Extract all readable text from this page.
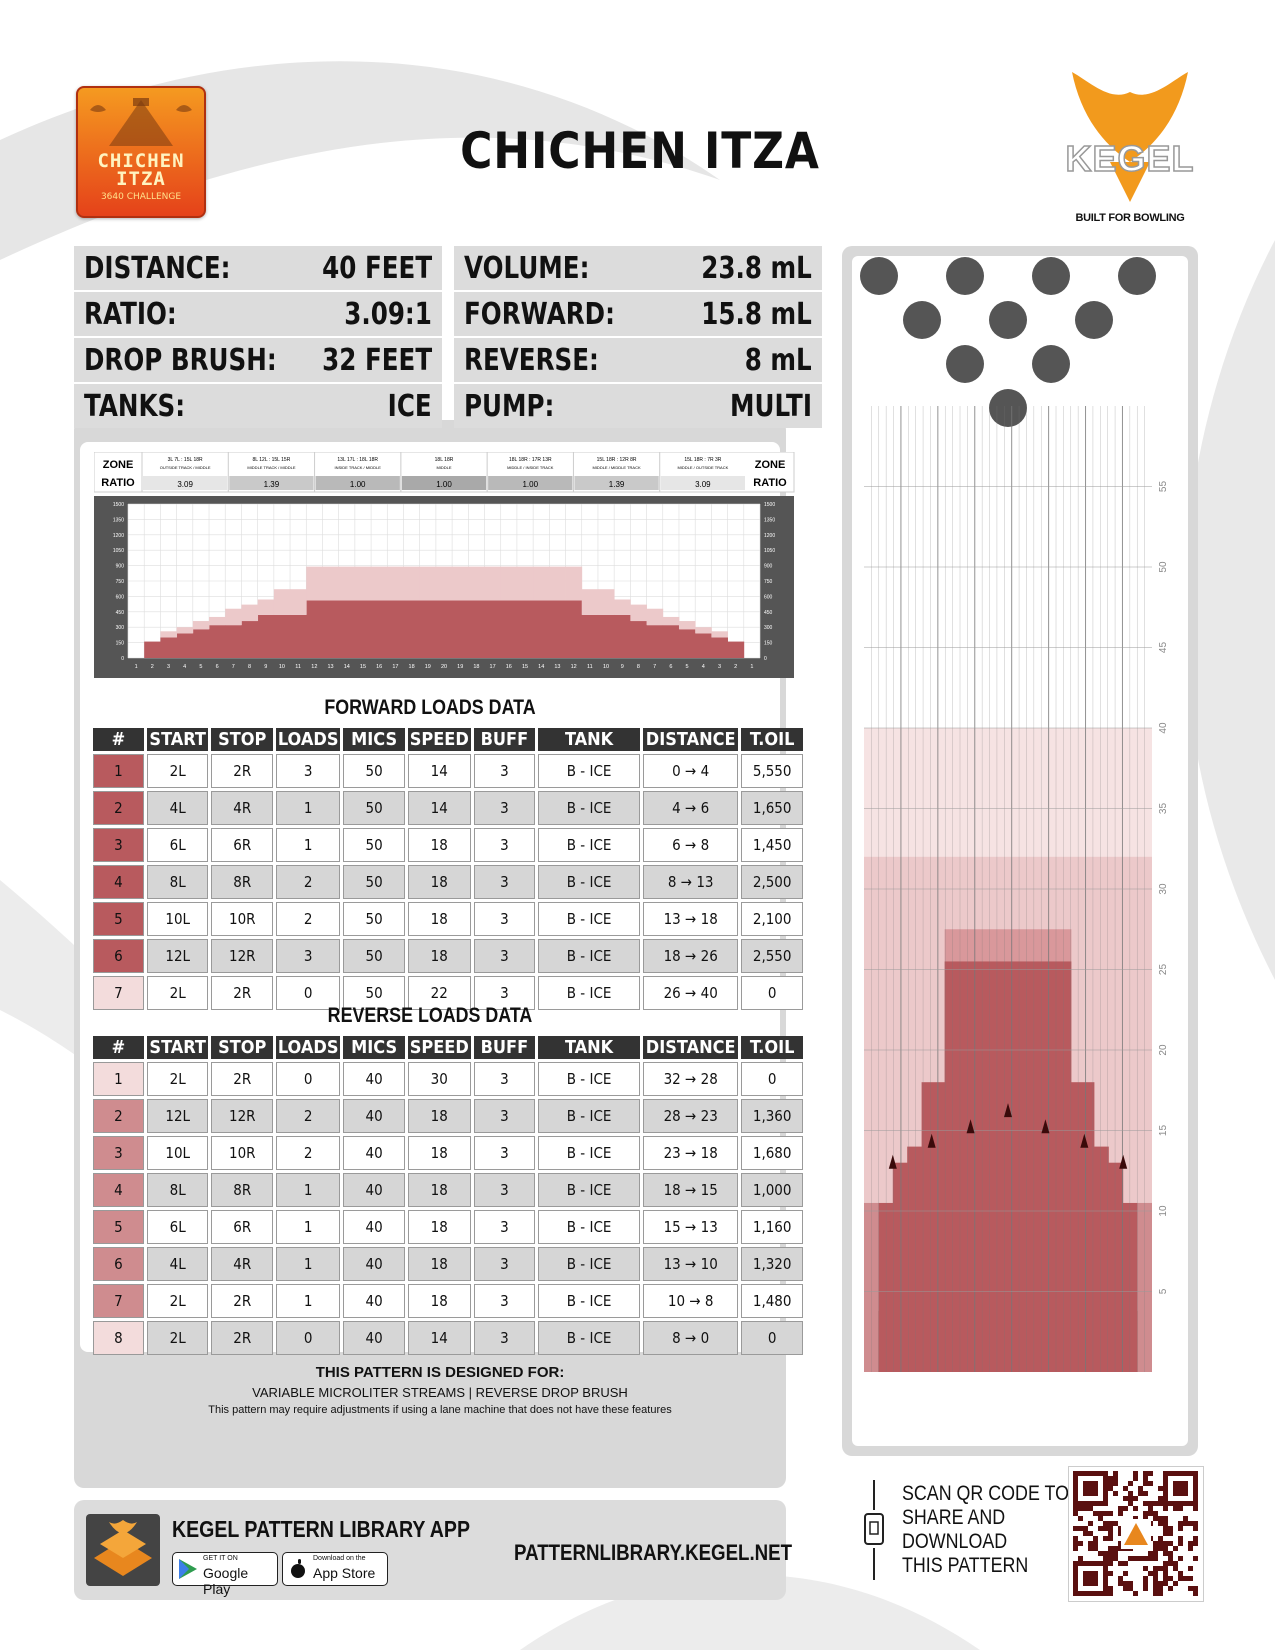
CHICHEN
ITZA
3640 CHALLENGE
CHICHEN ITZA	KEGEL
BUILT FOR BOWLING
DISTANCE:	40 FEET
RATIO:	3.09:1
DROP BRUSH: 32 FEET
TANKS:	ICE
VOLUME:	23.8 mL
FORWARD:	15.8 mL
REVERSE:	8 mL
PUMP:	MULTI
ZONE
RATIO
ZONE
RATIO
3L 7L : 15L 18R
OUTSIDE TRACK / MIDDLE
3.09
8L 12L : 15L 15R
MIDDLE TRACK / MIDDLE
1.39
13L 17L : 18L 18R
INSIDE TRACK / MIDDLE
1.00
18L 18R
MIDDLE
1.00
18L 18R : 17R 13R
MIDDLE / INSIDE TRACK
1.00
15L 18R : 12R 8R
MIDDLE / MIDDLE TRACK
1.39
15L 18R : 7R 3R
MIDDLE / OUTSIDE TRACK
3.09
1500	1500
1350	1350
1200	1200
1050	1050
900	900
750	750
600	600
450	450
300	300
150	150
0	0
1 2 3 4 5 6 7 8 9 10 11 12 13 14 15 16 17 18 19 20 19 18 17 16 15 14 13 12 11 10 9 8 7 6 5 4 3 2 1
FORWARD LOADS DATA
#	START	STOP	LOADS	MICS	SPEED	BUFF	TANK	DISTANCE	T.OIL
1	2L	2R	3	50	14	3	B - ICE	0 → 4	5,550
2	4L	4R	1	50	14	3	B - ICE	4 → 6	1,650
3	6L	6R	1	50	18	3	B - ICE	6 → 8	1,450
4	8L	8R	2	50	18	3	B - ICE	8 → 13	2,500
5	10L	10R	2	50	18	3	B - ICE	13 → 18	2,100
6	12L	12R	3	50	18	3	B - ICE	18 → 26	2,550
7	2L	2R	0	50	22	3	B - ICE	26 → 40	0
REVERSE LOADS DATA
#	START	STOP	LOADS	MICS	SPEED	BUFF	TANK	DISTANCE	T.OIL
1	2L	2R	0	40	30	3	B - ICE	32 → 28	0
2	12L	12R	2	40	18	3	B - ICE	28 → 23	1,360
3	10L	10R	2	40	18	3	B - ICE	23 → 18	1,680
4	8L	8R	1	40	18	3	B - ICE	18 → 15	1,000
5	6L	6R	1	40	18	3	B - ICE	15 → 13	1,160
6	4L	4R	1	40	18	3	B - ICE	13 → 10	1,320
7	2L	2R	1	40	18	3	B - ICE	10 → 8	1,480
8	2L	2R	0	40	14	3	B - ICE	8 → 0	0
THIS PATTERN IS DESIGNED FOR:
VARIABLE MICROLITER STREAMS | REVERSE DROP BRUSH
This pattern may require adjustments if using a lane machine that does not have these features
KEGEL PATTERN LIBRARY APP
GET IT ON
Google Play
Download on the
App Store
PATTERNLIBRARY.KEGEL.NET
55
50
45
40
35
30
25
20
15
10
5
SCAN QR CODE TO
SHARE AND
DOWNLOAD
THIS PATTERN
